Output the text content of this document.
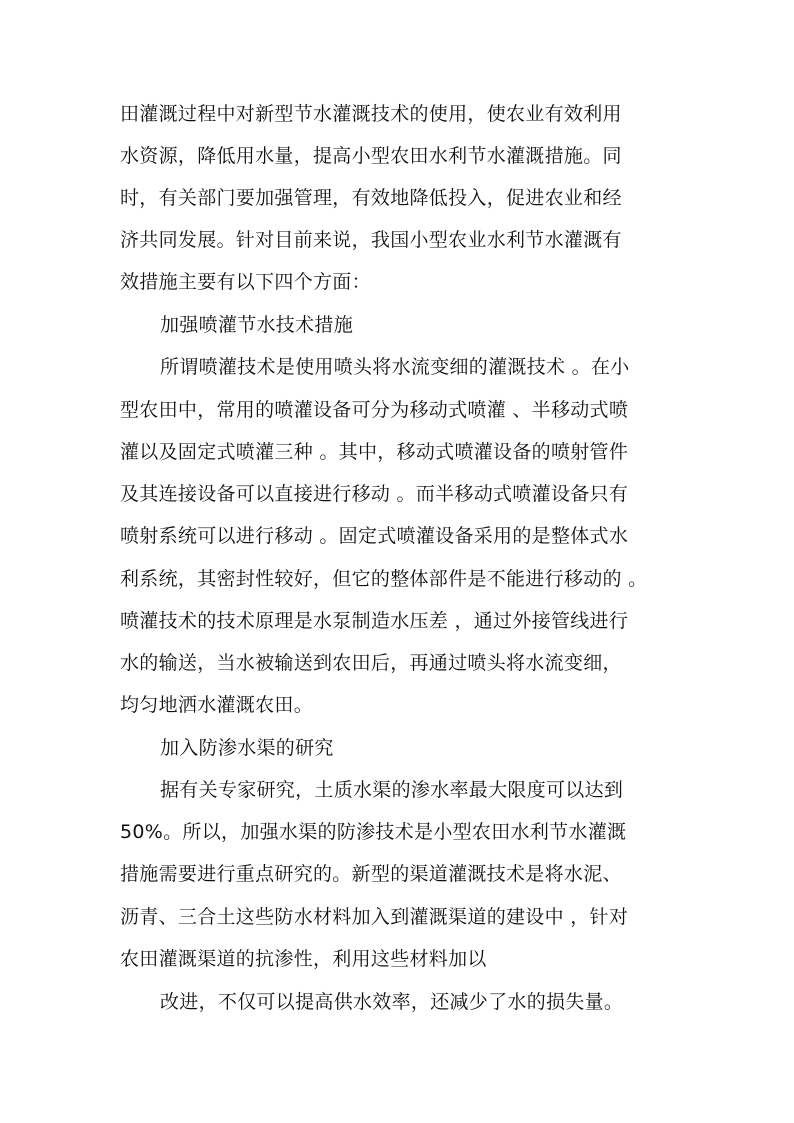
田灌溉过程中对新型节水灌溉技术的使用，使农业有效利用
水资源，降低用水量，提高小型农田水利节水灌溉措施。同
时，有关部门要加强管理，有效地降低投入，促进农业和经
济共同发展。针对目前来说，我国小型农业水利节水灌溉有
效措施主要有以下四个方面：
加强喷灌节水技术措施
所谓喷灌技术是使用喷头将水流变细的灌溉技术 。在小
型农田中，常用的喷灌设备可分为移动式喷灌 、半移动式喷
灌以及固定式喷灌三种 。其中，移动式喷灌设备的喷射管件
及其连接设备可以直接进行移动 。而半移动式喷灌设备只有
喷射系统可以进行移动 。固定式喷灌设备采用的是整体式水
利系统，其密封性较好，但它的整体部件是不能进行移动的 。
喷灌技术的技术原理是水泵制造水压差 ，通过外接管线进行
水的输送，当水被输送到农田后，再通过喷头将水流变细，
均匀地洒水灌溉农田。
加入防渗水渠的研究
据有关专家研究，土质水渠的渗水率最大限度可以达到
50%。所以，加强水渠的防渗技术是小型农田水利节水灌溉
措施需要进行重点研究的。新型的渠道灌溉技术是将水泥、
沥青、三合土这些防水材料加入到灌溉渠道的建设中 ，针对
农田灌溉渠道的抗渗性，利用这些材料加以
改进，不仅可以提高供水效率，还减少了水的损失量。
